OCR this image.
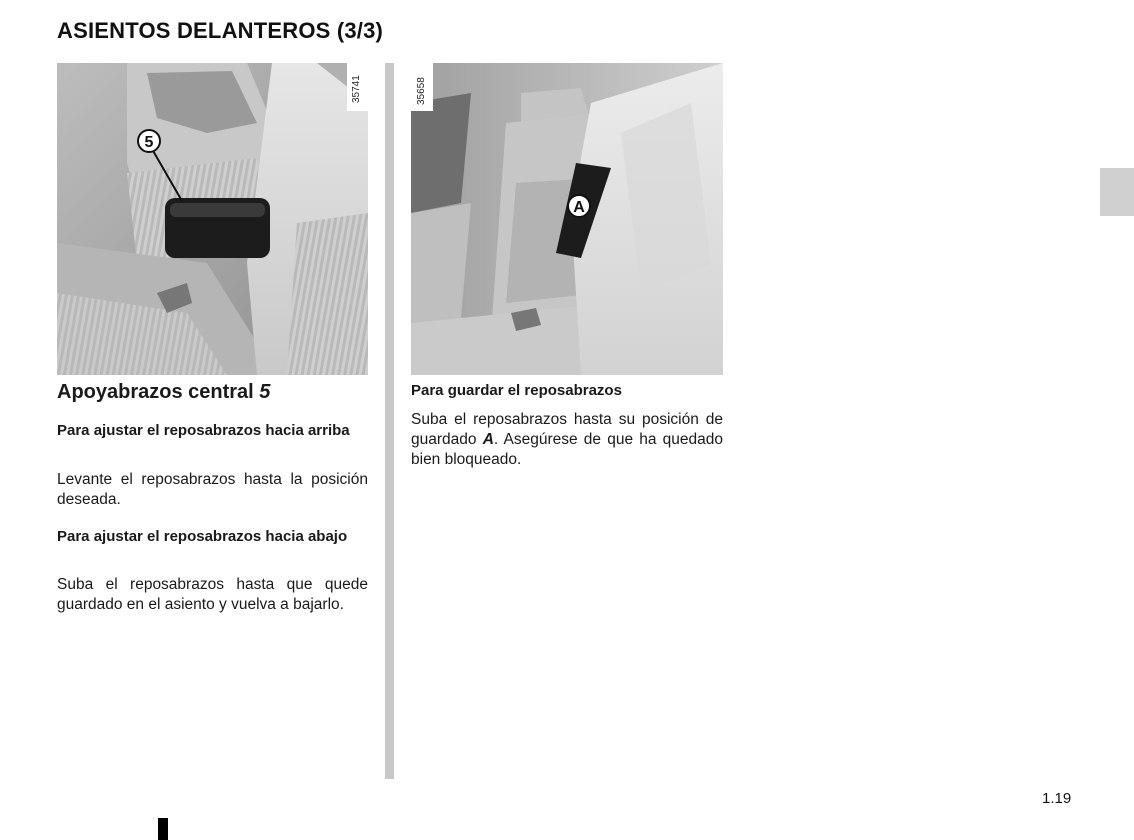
ASIENTOS DELANTEROS (3/3)
5
35741
A
35658

Apoyabrazos central 5

Para ajustar el reposabrazos hacia arriba

Levante el reposabrazos hasta la posición deseada.

Para ajustar el reposabrazos hacia abajo

Suba el reposabrazos hasta que quede guardado en el asiento y vuelva a bajarlo.

Para guardar el reposabrazos

Suba el reposabrazos hasta su posición de guardado A. Asegúrese de que ha quedado bien bloqueado.

1.19
